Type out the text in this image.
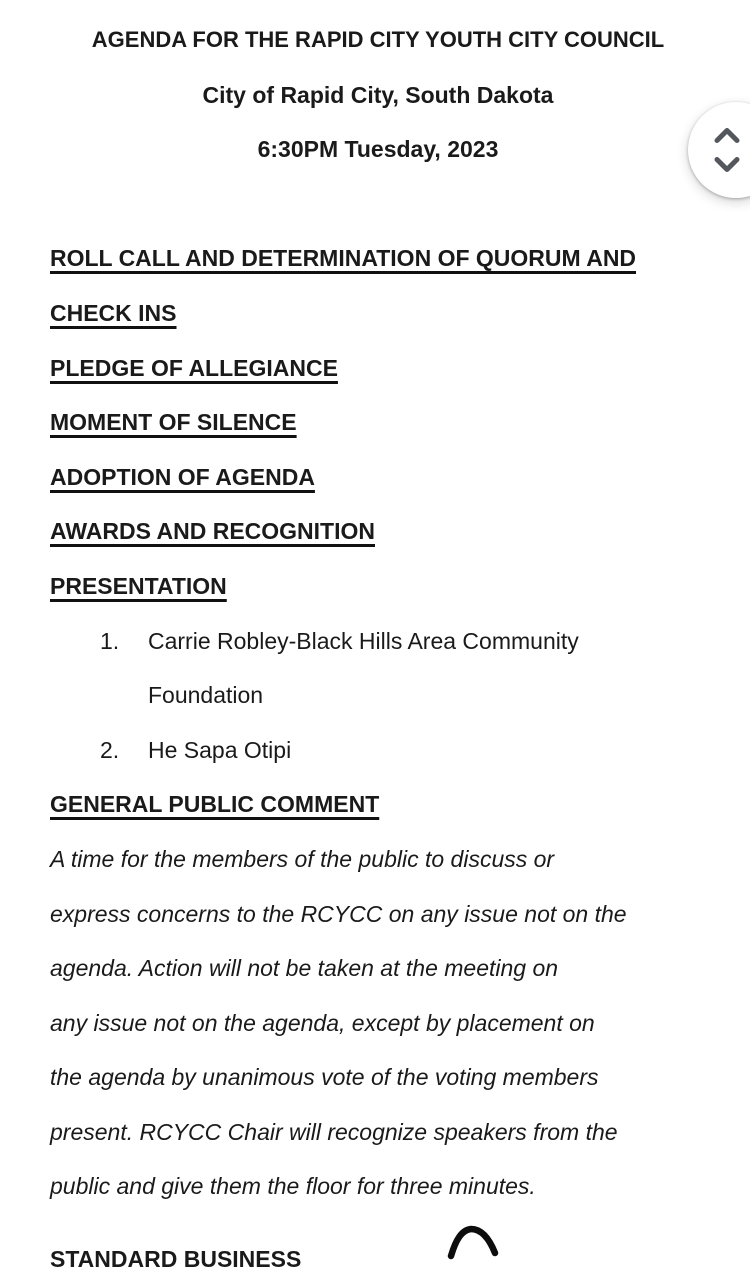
AGENDA FOR THE RAPID CITY YOUTH CITY COUNCIL
City of Rapid City, South Dakota
6:30PM Tuesday, 2023
ROLL CALL AND DETERMINATION OF QUORUM AND
CHECK INS
PLEDGE OF ALLEGIANCE
MOMENT OF SILENCE
ADOPTION OF AGENDA
AWARDS AND RECOGNITION
PRESENTATION
1.	Carrie Robley-Black Hills Area Community
Foundation
2.	He Sapa Otipi
GENERAL PUBLIC COMMENT
A time for the members of the public to discuss or
express concerns to the RCYCC on any issue not on the
agenda. Action will not be taken at the meeting on
any issue not on the agenda, except by placement on
the agenda by unanimous vote of the voting members
present. RCYCC Chair will recognize speakers from the
public and give them the floor for three minutes.
STANDARD BUSINESS
